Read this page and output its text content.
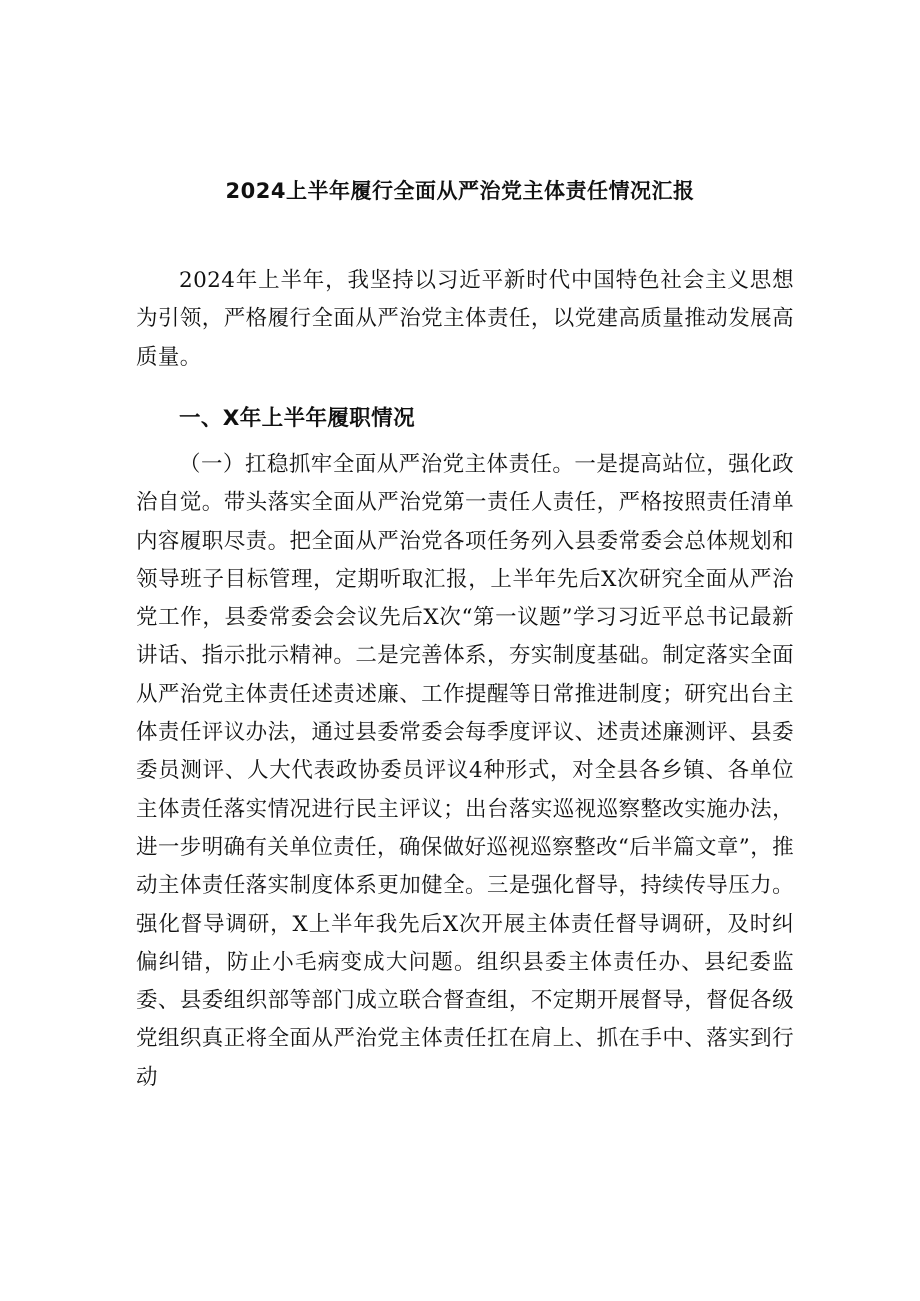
2024上半年履行全面从严治党主体责任情况汇报

2024年上半年，我坚持以习近平新时代中国特色社会主义思想为引领，严格履行全面从严治党主体责任，以党建高质量推动发展高质量。

一、X年上半年履职情况

（一）扛稳抓牢全面从严治党主体责任。一是提高站位，强化政治自觉。带头落实全面从严治党第一责任人责任，严格按照责任清单内容履职尽责。把全面从严治党各项任务列入县委常委会总体规划和领导班子目标管理，定期听取汇报，上半年先后X次研究全面从严治党工作，县委常委会会议先后X次“第一议题”学习习近平总书记最新讲话、指示批示精神。二是完善体系，夯实制度基础。制定落实全面从严治党主体责任述责述廉、工作提醒等日常推进制度；研究出台主体责任评议办法，通过县委常委会每季度评议、述责述廉测评、县委委员测评、人大代表政协委员评议4种形式，对全县各乡镇、各单位主体责任落实情况进行民主评议；出台落实巡视巡察整改实施办法，进一步明确有关单位责任，确保做好巡视巡察整改“后半篇文章”，推动主体责任落实制度体系更加健全。三是强化督导，持续传导压力。强化督导调研，X上半年我先后X次开展主体责任督导调研，及时纠偏纠错，防止小毛病变成大问题。组织县委主体责任办、县纪委监委、县委组织部等部门成立联合督查组，不定期开展督导，督促各级党组织真正将全面从严治党主体责任扛在肩上、抓在手中、落实到行动
